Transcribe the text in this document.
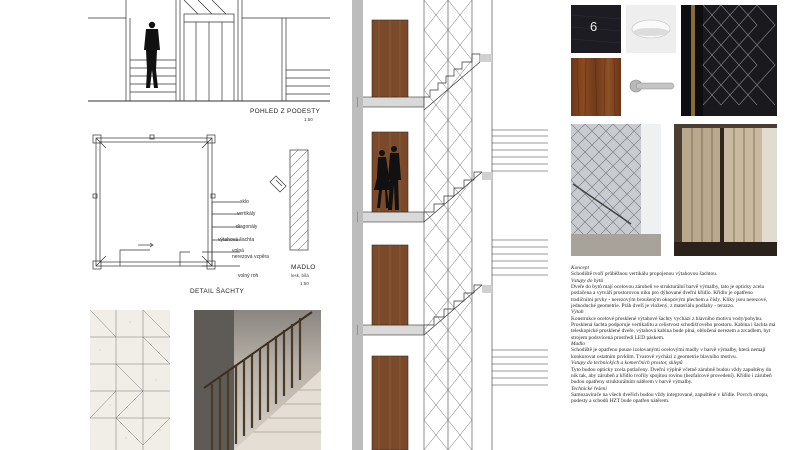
POHLED Z PODESTY
1:50
sklo
vertikály
diagonály
výtahová šachta
volná
nerezová vzpěra
volný roh
DETAIL ŠACHTY
MADLO
lesk, bílá
1:50
6

Koncept

Schodiště tvoří průběžnou vertikálu propojenou výtahovou šachtou.

Vstupy do bytů

Dveře do bytů mají ocelovou zárubeň ve strukturální barvě výmalby, tato je opticky zcela potlačena a vytváří prostorovou niku pro dýhované dveřní křídlo. Křídlo je opatřeno tradičními prvky - nerezovým broušeným okopovým plechem a čísly. Kliky jsou nerezové, jednoduché geometrie. Práh dveří je vložený, z materiálu podlahy - terazzo.

Výtah

Konstrukce ocelové prosklené výtahové šachty vychází z hlavního motivu vody/pohybu. Prosklená šachta podporuje vertikalitu a celistvost schodišťového prostoru. Kabina i šachta má teleskopické prosklené dveře, výtahová kabina bude plná, obložená nerezem a zrcadlem, byt strojem podsvícená prostředí LED páskem.

Madlo

Schodiště je opatřeno pouze izolovanými ocelovými madly v barvě výmalby, která nemají konkurovat ostatním prvkům. Tvarově vychází z geometrie hlavního motivu.

Vstupy do technických a komerčních prostor, sklepů

Tyto budou opticky zcela potlačeny. Dveřní výplně včetně zárubně budou vždy zapuštěny do nik tak, aby zárubeň a křídlo tvořily spojitou rovinu (bezfalcové provedení). Křídlo i zárubeň budou opatřeny strukturálním nátěrem v barvě výmalby.

Technické řešení

Samozavírače na všech dveřích budou vždy integrované, zapuštěné v křídle. Povrch stropu, podesty a schodů HZT bude opatřen nátěrem.
